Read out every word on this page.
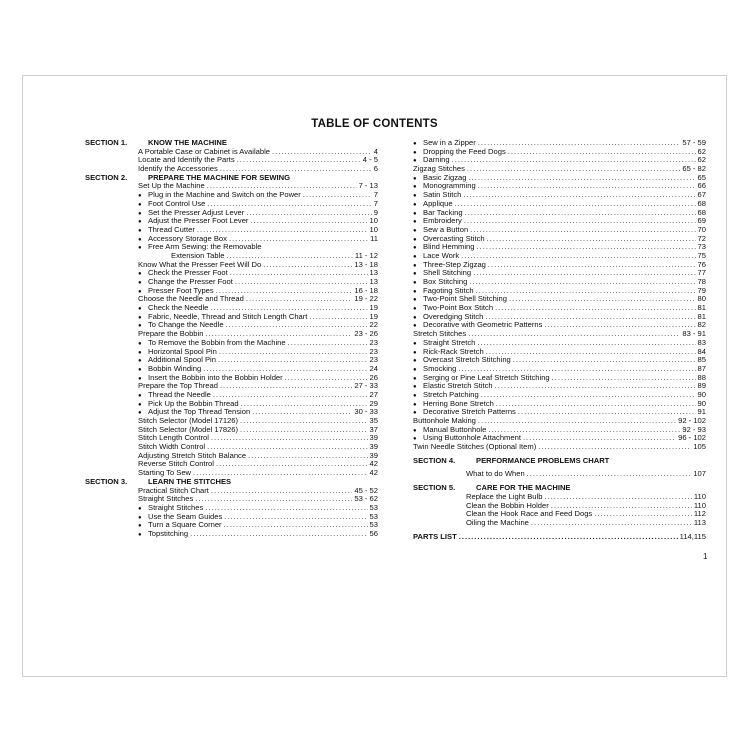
TABLE OF CONTENTS
SECTION 1.	KNOW THE MACHINE
A Portable Case or Cabinet is Available .....	4
Locate and Identify the Parts .....	4 - 5
Identify the Accessories .....	6
SECTION 2.	PREPARE THE MACHINE FOR SEWING
Set Up the Machine .....	7 - 13
● Plug in the Machine and Switch on the Power .....	7
● Foot Control Use .....	7
● Set the Presser Adjust Lever .....	9
● Adjust the Presser Foot Lever .....	10
● Thread Cutter .....	10
● Accessory Storage Box .....	11
● Free Arm Sewing: the Removable
Extension Table .....	11 - 12
Know What the Presser Feet Will Do .....	13 - 18
● Check the Presser Foot .....	13
● Change the Presser Foot .....	13
● Presser Foot Types .....	16 - 18
Choose the Needle and Thread .....	19 - 22
● Check the Needle .....	19
● Fabric, Needle, Thread and Stitch Length Chart .....	19
● To Change the Needle .....	22
Prepare the Bobbin .....	23 - 26
● To Remove the Bobbin from the Machine .....	23
● Horizontal Spool Pin .....	23
● Additional Spool Pin .....	23
● Bobbin Winding .....	24
● Insert the Bobbin into the Bobbin Holder .....	26
Prepare the Top Thread .....	27 - 33
● Thread the Needle .....	27
● Pick Up the Bobbin Thread .....	29
● Adjust the Top Thread Tension .....	30 - 33
Stitch Selector (Model 17126) .....	35
Stitch Selector (Model 17826) .....	37
Stitch Length Control .....	39
Stitch Width Control .....	39
Adjusting Stretch Stitch Balance .....	39
Reverse Stitch Control .....	42
Starting To Sew .....	42
SECTION 3.	LEARN THE STITCHES
Practical Stitch Chart .....	45 - 52
Straight Stitches .....	53 - 62
● Straight Stitches .....	53
● Use the Seam Guides .....	53
● Turn a Square Corner .....	53
● Topstitching .....	56
● Sew in a Zipper .....	57 - 59
● Dropping the Feed Dogs .....	62
● Darning .....	62
Zigzag Stitches .....	65 - 82
● Basic Zigzag .....	65
● Monogramming .....	66
● Satin Stitch .....	67
● Applique .....	68
● Bar Tacking .....	68
● Embroidery .....	69
● Sew a Button .....	70
● Overcasting Stitch .....	72
● Blind Hemming .....	73
● Lace Work .....	75
● Three-Step Zigzag .....	76
● Shell Stitching .....	77
● Box Stitching .....	78
● Fagoting Stitch .....	79
● Two-Point Shell Stitching .....	80
● Two-Point Box Stitch .....	81
● Overedging Stitch .....	81
● Decorative with Geometric Patterns .....	82
Stretch Stitches .....	83 - 91
● Straight Stretch .....	83
● Rick-Rack Stretch .....	84
● Overcast Stretch Stitching .....	85
● Smocking .....	87
● Serging or Pine Leaf Stretch Stitching .....	88
● Elastic Stretch Stitch .....	89
● Stretch Patching .....	90
● Herring Bone Stretch .....	90
● Decorative Stretch Patterns .....	91
Buttonhole Making .....	92 - 102
● Manual Buttonhole .....	92 - 93
● Using Buttonhole Attachment .....	96 - 102
Twin Needle Stitches (Optional Item) .....	105
SECTION 4.	PERFORMANCE PROBLEMS CHART
What to do When .....	107
SECTION 5.	CARE FOR THE MACHINE
Replace the Light Bulb .....	110
Clean the Bobbin Holder .....	110
Clean the Hook Race and Feed Dogs .....	112
Oiling the Machine .....	113
PARTS LIST .....	114,115
1
